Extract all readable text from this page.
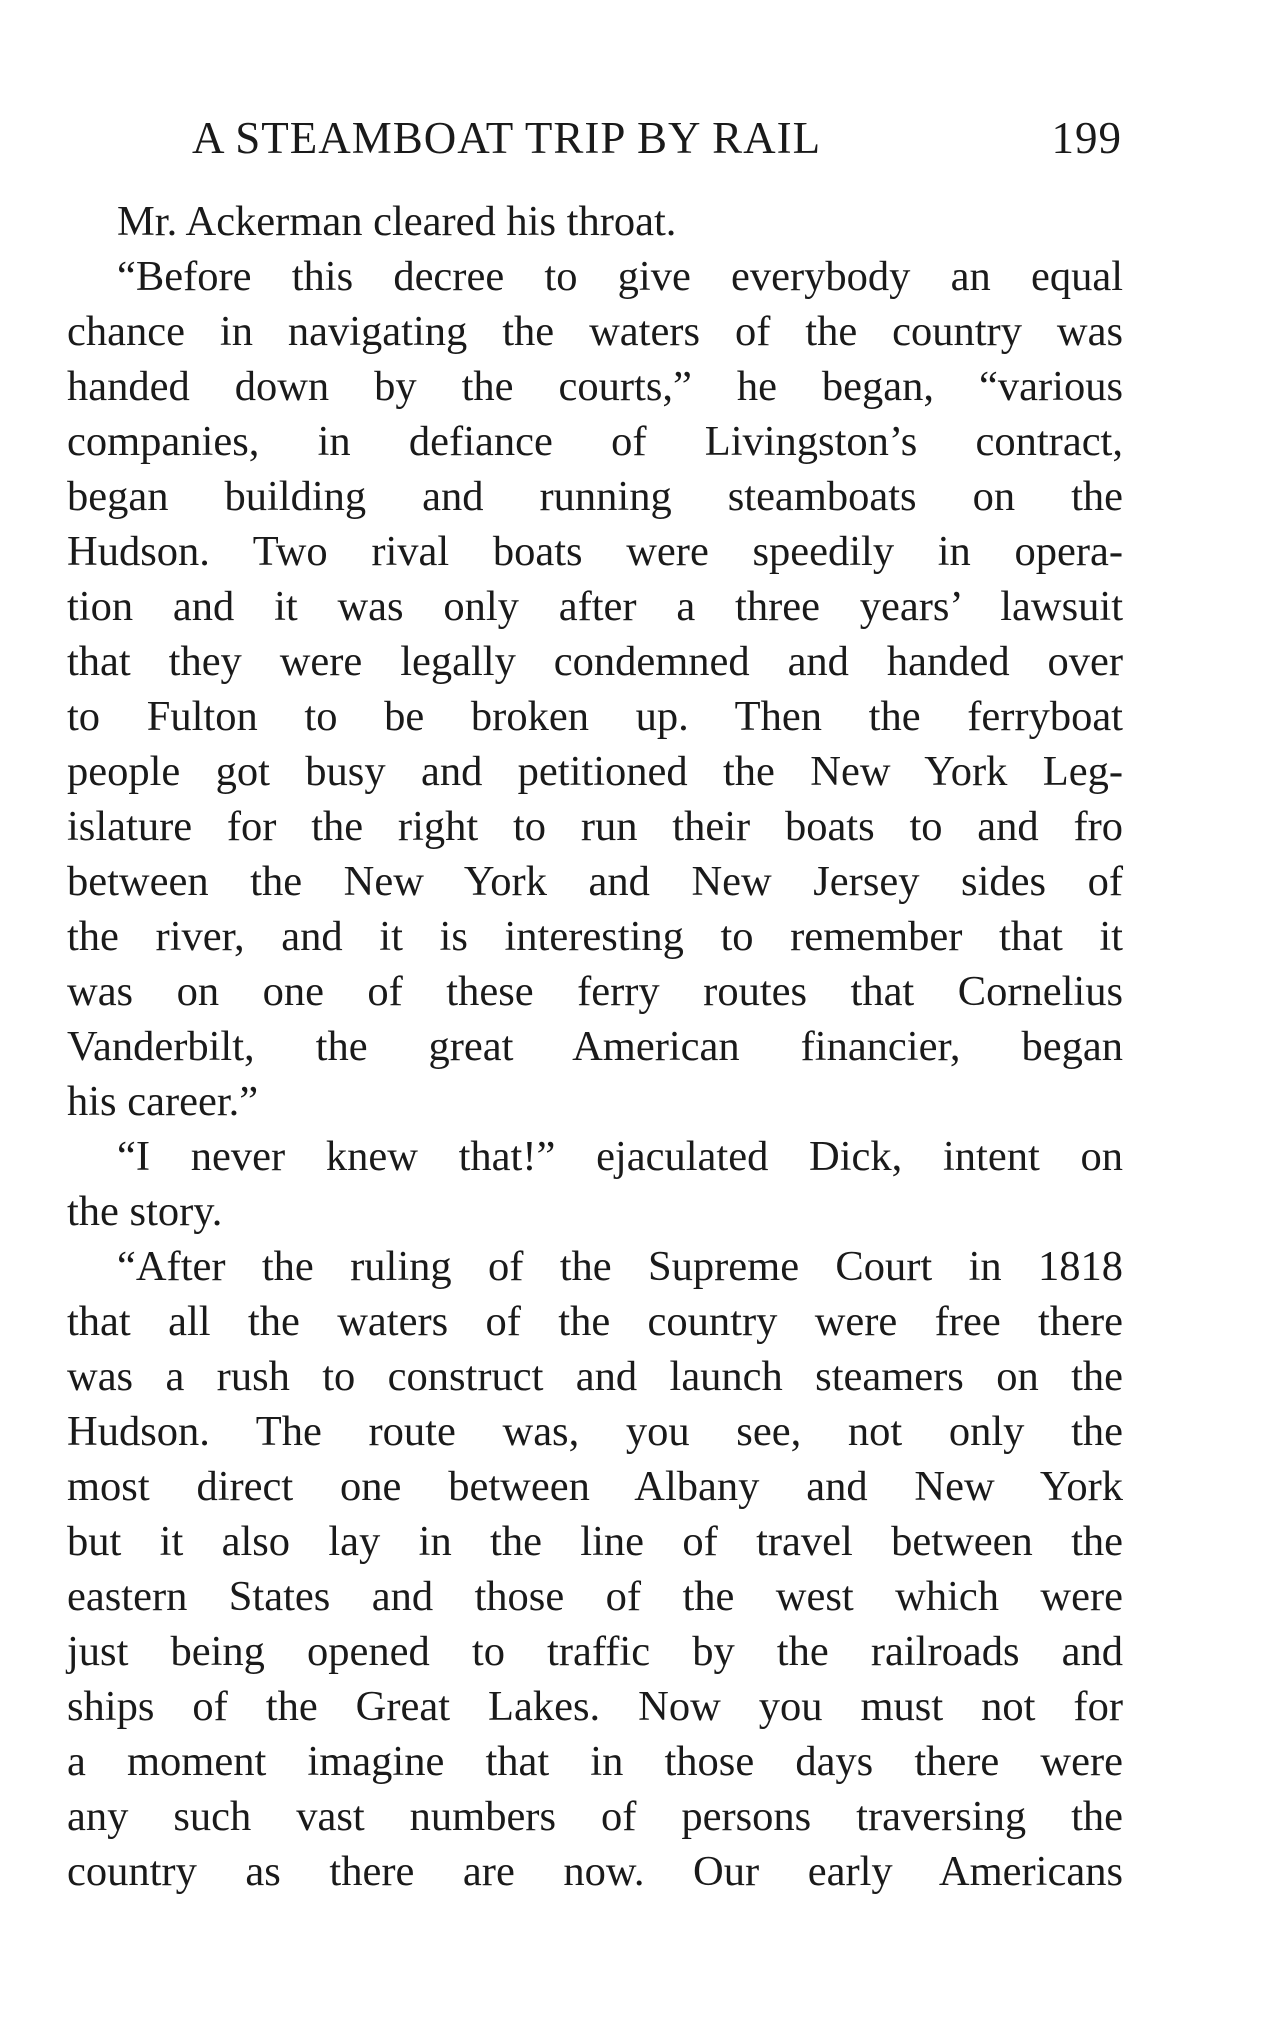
A STEAMBOAT TRIP BY RAIL	199
Mr. Ackerman cleared his throat.
“Before this decree to give everybody an equal
chance in navigating the waters of the country was
handed down by the courts,” he began, “various
companies, in defiance of Livingston’s contract,
began building and running steamboats on the
Hudson. Two rival boats were speedily in opera-
tion and it was only after a three years’ lawsuit
that they were legally condemned and handed over
to Fulton to be broken up. Then the ferryboat
people got busy and petitioned the New York Leg-
islature for the right to run their boats to and fro
between the New York and New Jersey sides of
the river, and it is interesting to remember that it
was on one of these ferry routes that Cornelius
Vanderbilt, the great American financier, began
his career.”
“I never knew that!” ejaculated Dick, intent on
the story.
“After the ruling of the Supreme Court in 1818
that all the waters of the country were free there
was a rush to construct and launch steamers on the
Hudson. The route was, you see, not only the
most direct one between Albany and New York
but it also lay in the line of travel between the
eastern States and those of the west which were
just being opened to traffic by the railroads and
ships of the Great Lakes. Now you must not for
a moment imagine that in those days there were
any such vast numbers of persons traversing the
country as there are now. Our early Americans
